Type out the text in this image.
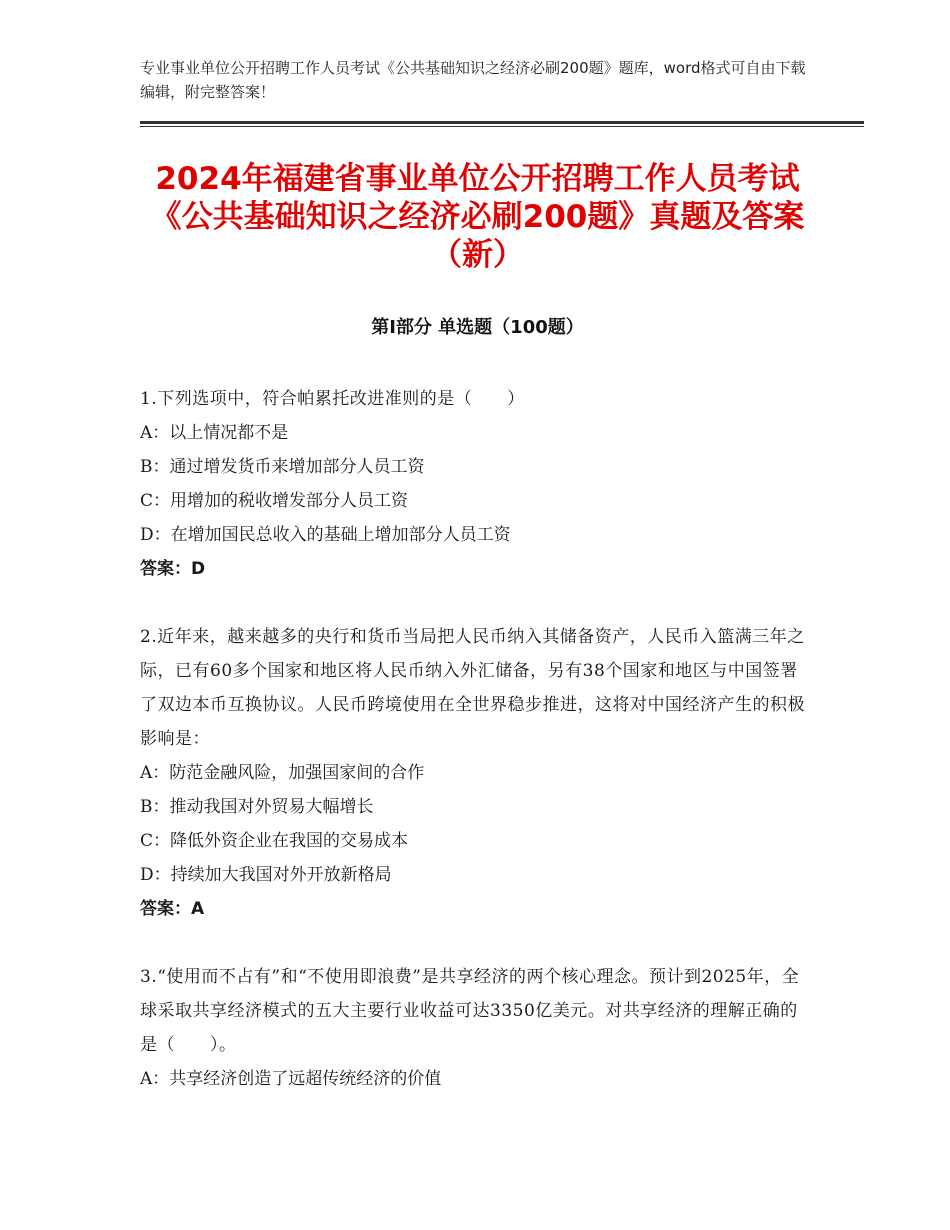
专业事业单位公开招聘工作人员考试《公共基础知识之经济必刷200题》题库，word格式可自由下载编辑，附完整答案！
2024年福建省事业单位公开招聘工作人员考试《公共基础知识之经济必刷200题》真题及答案（新）
第Ⅰ部分 单选题（100题）

1.下列选项中，符合帕累托改进准则的是（　　）

A：以上情况都不是

B：通过增发货币来增加部分人员工资

C：用增加的税收增发部分人员工资

D：在增加国民总收入的基础上增加部分人员工资

答案：D

2.近年来，越来越多的央行和货币当局把人民币纳入其储备资产，人民币入篮满三年之际，已有60多个国家和地区将人民币纳入外汇储备，另有38个国家和地区与中国签署了双边本币互换协议。人民币跨境使用在全世界稳步推进，这将对中国经济产生的积极影响是：

A：防范金融风险，加强国家间的合作

B：推动我国对外贸易大幅增长

C：降低外资企业在我国的交易成本

D：持续加大我国对外开放新格局

答案：A

3.“使用而不占有”和“不使用即浪费”是共享经济的两个核心理念。预计到2025年，全球采取共享经济模式的五大主要行业收益可达3350亿美元。对共享经济的理解正确的是（　　）。

A：共享经济创造了远超传统经济的价值
